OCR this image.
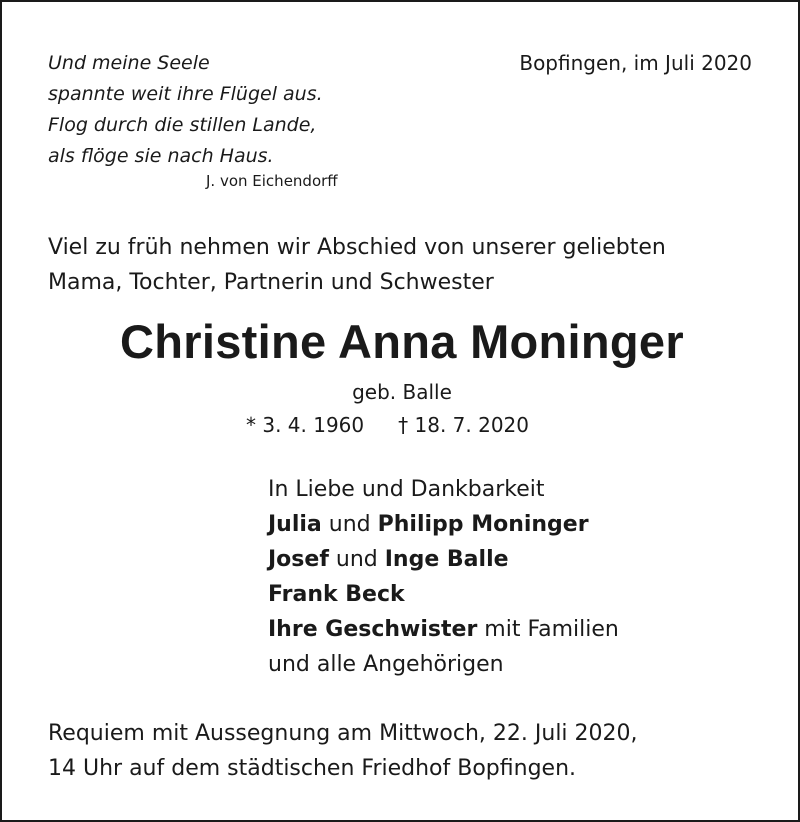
Und meine Seele
spannte weit ihre Flügel aus.
Flog durch die stillen Lande,
als flöge sie nach Haus.
J. von Eichendorff
Bopfingen, im Juli 2020
Viel zu früh nehmen wir Abschied von unserer geliebten
Mama, Tochter, Partnerin und Schwester
Christine Anna Moninger
geb. Balle
* 3. 4. 1960 † 18. 7. 2020
In Liebe und Dankbarkeit
Julia und Philipp Moninger
Josef und Inge Balle
Frank Beck
Ihre Geschwister mit Familien
und alle Angehörigen
Requiem mit Aussegnung am Mittwoch, 22. Juli 2020,
14 Uhr auf dem städtischen Friedhof Bopfingen.
